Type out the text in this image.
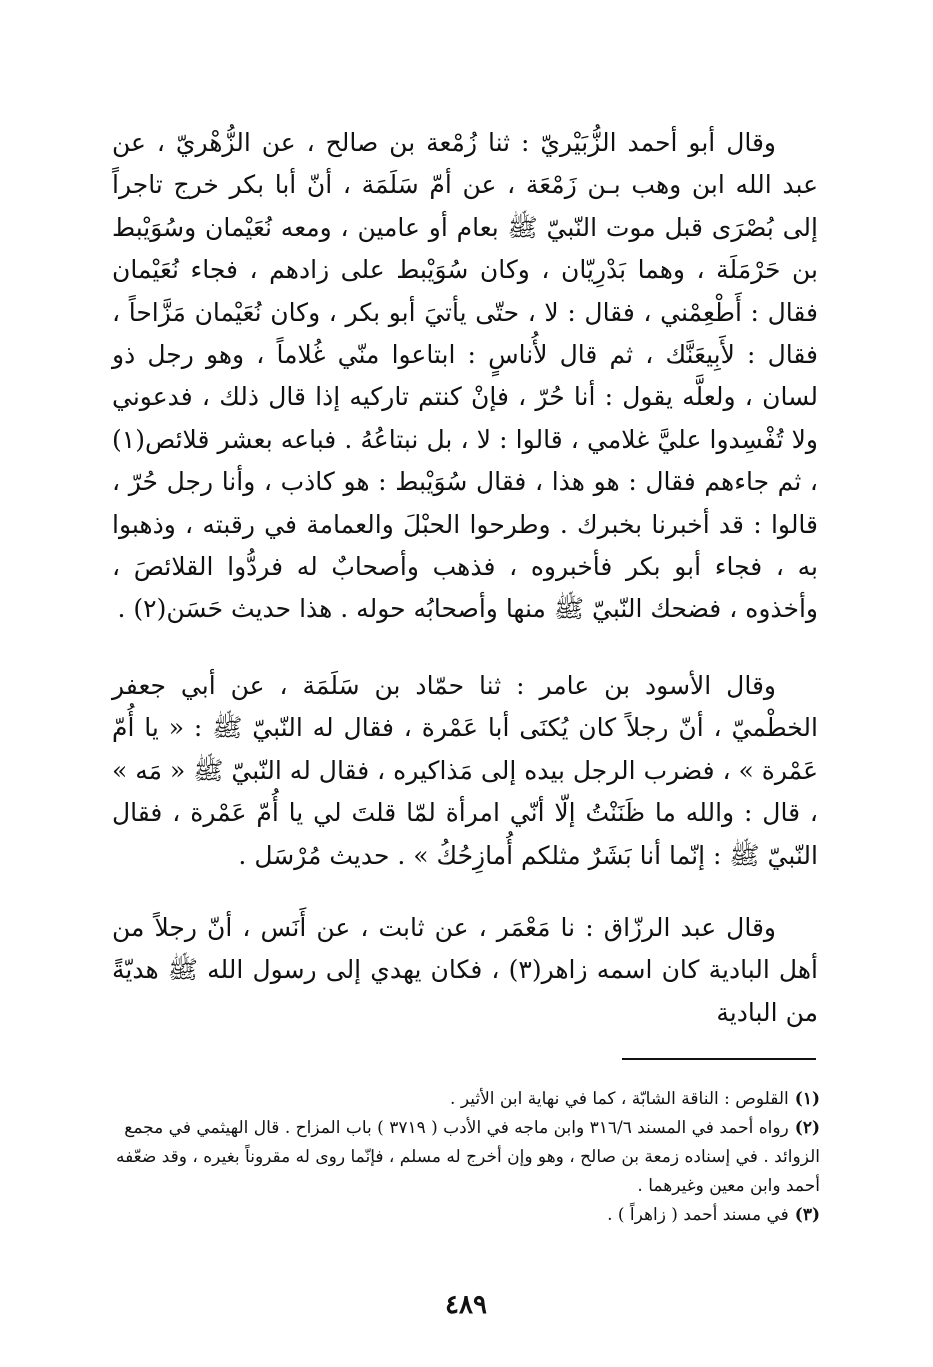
وقال أبو أحمد الزُّبَيْريّ : ثنا زُمْعة بن صالح ، عن الزُّهْريّ ، عن عبد الله ابن وهب بـن زَمْعَة ، عن أمّ سَلَمَة ، أنّ أبا بكر خرج تاجراً إلى بُصْرَى قبل موت النّبيّ ﷺ بعام أو عامين ، ومعه نُعَيْمان وسُوَيْبط بن حَرْمَلَة ، وهما بَدْرِيّان ، وكان سُوَيْبط على زادهم ، فجاء نُعَيْمان فقال : أَطْعِمْني ، فقال : لا ، حتّى يأتيَ أبو بكر ، وكان نُعَيْمان مَزَّاحاً ، فقال : لأَبِيعَنَّك ، ثم قال لأُناسٍ : ابتاعوا منّي غُلاماً ، وهو رجل ذو لسان ، ولعلَّه يقول : أنا حُرّ ، فإنْ كنتم تاركيه إذا قال ذلك ، فدعوني ولا تُفْسِدوا عليَّ غلامي ، قالوا : لا ، بل نبتاعُهُ . فباعه بعشر قلائص(١) ، ثم جاءهم فقال : هو هذا ، فقال سُوَيْبط : هو كاذب ، وأنا رجل حُرّ ، قالوا : قد أخبرنا بخبرك . وطرحوا الحبْلَ والعمامة في رقبته ، وذهبوا به ، فجاء أبو بكر فأخبروه ، فذهب وأصحابٌ له فردُّوا القلائصَ ، وأخذوه ، فضحك النّبيّ ﷺ منها وأصحابُه حوله . هذا حديث حَسَن(٢) .

وقال الأسود بن عامر : ثنا حمّاد بن سَلَمَة ، عن أبي جعفر الخطْميّ ، أنّ رجلاً كان يُكنَى أبا عَمْرة ، فقال له النّبيّ ﷺ : « يا أُمّ عَمْرة » ، فضرب الرجل بيده إلى مَذاكيره ، فقال له النّبيّ ﷺ « مَه » ، قال : والله ما ظَنَنْتُ إلّا أنّي امرأة لمّا قلتَ لي يا أُمّ عَمْرة ، فقال النّبيّ ﷺ : إنّما أنا بَشَرٌ مثلكم أُمازِحُكُ » . حديث مُرْسَل .

وقال عبد الرزّاق : نا مَعْمَر ، عن ثابت ، عن أَنَس ، أنّ رجلاً من أهل البادية كان اسمه زاهر(٣) ، فكان يهدي إلى رسول الله ﷺ هديّةً من البادية

(١)القلوص : الناقة الشابّة ، كما في نهاية ابن الأثير .

(٢)رواه أحمد في المسند ٣١٦/٦ وابن ماجه في الأدب ( ٣٧١٩ ) باب المزاح . قال الهيثمي في مجمع الزوائد . في إسناده زمعة بن صالح ، وهو وإن أخرج له مسلم ، فإنّما روى له مقروناً بغيره ، وقد ضعّفه أحمد وابن معين وغيرهما .

(٣)في مسند أحمد ( زاهراً ) .

٤٨٩
